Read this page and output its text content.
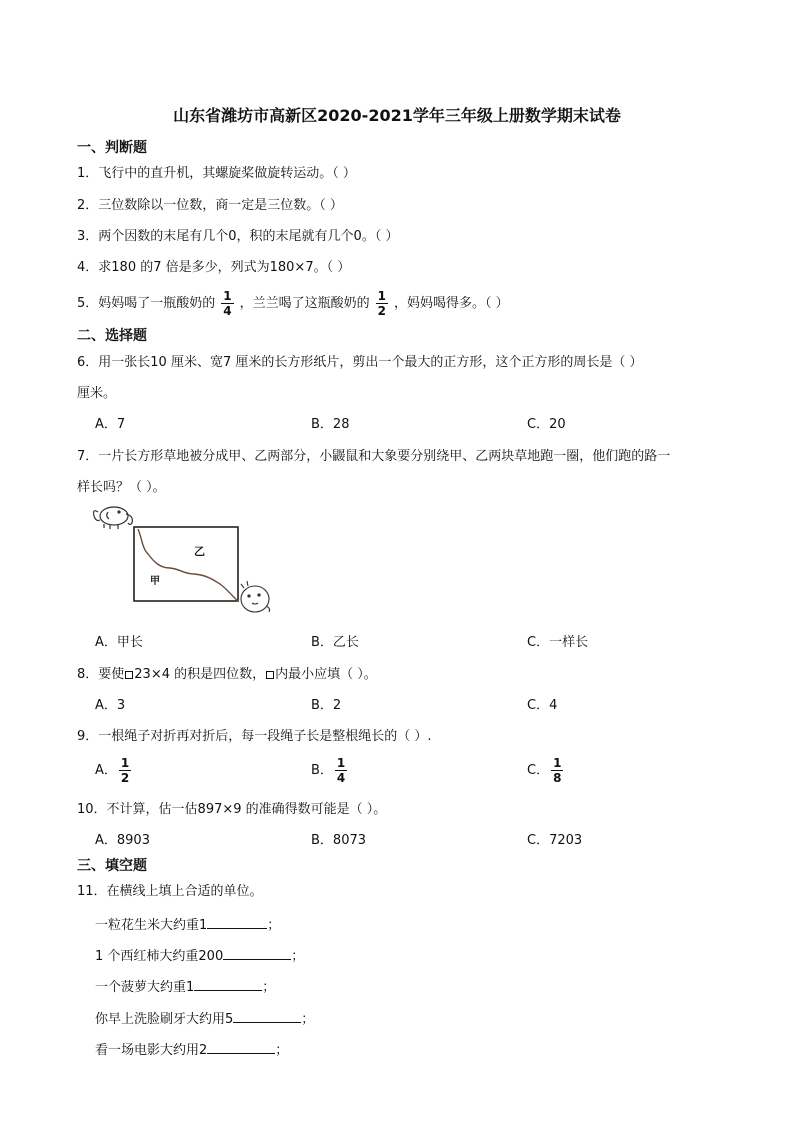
山东省潍坊市高新区2020-2021学年三年级上册数学期末试卷
一、判断题
1．飞行中的直升机，其螺旋桨做旋转运动。（ ）
2．三位数除以一位数，商一定是三位数。（ ）
3．两个因数的末尾有几个0，积的末尾就有几个0。（ ）
4．求180 的7 倍是多少，列式为180×7。（ ）
5．妈妈喝了一瓶酸奶的 $\frac{1}{4}$ ，兰兰喝了这瓶酸奶的 $\frac{1}{2}$ ，妈妈喝得多。（ ）
二、选择题
6．用一张长10 厘米、宽7 厘米的长方形纸片，剪出一个最大的正方形，这个正方形的周长是（ ）
厘米。
A．7	B．28	C．20
7．一片长方形草地被分成甲、乙两部分，小鼹鼠和大象要分别绕甲、乙两块草地跑一圈，他们跑的路一
样长吗？（ ）。
乙
甲
A．甲长	B．乙长	C．一样长
8．要使 23×4 的积是四位数， 内最小应填（ ）。
A．3	B．2	C．4
9．一根绳子对折再对折后，每一段绳子长是整根绳长的（ ）.
A． $\frac{1}{2}$	B． $\frac{1}{4}$	C． $\frac{1}{8}$
10．不计算，估一估897×9 的准确得数可能是（ ）。
A．8903	B．8073	C．7203
三、填空题
11．在横线上填上合适的单位。
一粒花生米大约重1	；
1 个西红柿大约重200	；
一个菠萝大约重1	；
你早上洗脸刷牙大约用5	；
看一场电影大约用2	；
